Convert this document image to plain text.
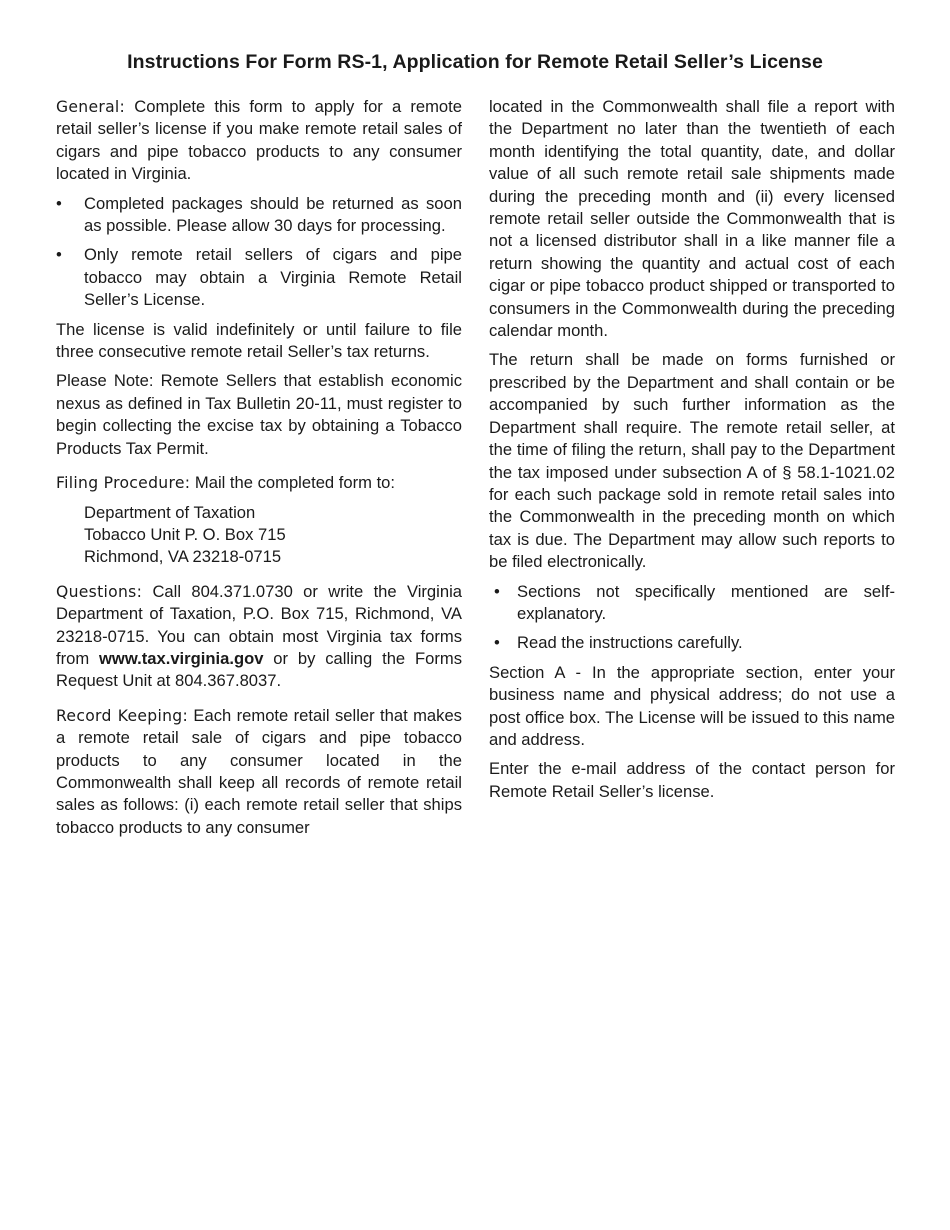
Instructions For Form RS-1, Application for Remote Retail Seller’s License

General: Complete this form to apply for a remote retail seller’s license if you make remote retail sales of cigars and pipe tobacco products to any consumer located in Virginia.

• Completed packages should be returned as soon as possible. Please allow 30 days for processing.
• Only remote retail sellers of cigars and pipe tobacco may obtain a Virginia Remote Retail Seller’s License.

The license is valid indefinitely or until failure to file three consecutive remote retail Seller’s tax returns.

Please Note: Remote Sellers that establish economic nexus as defined in Tax Bulletin 20-11, must register to begin collecting the excise tax by obtaining a Tobacco Products Tax Permit.

Filing Procedure: Mail the completed form to:

Department of Taxation
Tobacco Unit P. O. Box 715
Richmond, VA 23218-0715

Questions: Call 804.371.0730 or write the Virginia Department of Taxation, P.O. Box 715, Richmond, VA 23218-0715. You can obtain most Virginia tax forms from www.tax.virginia.gov or by calling the Forms Request Unit at 804.367.8037.

Record Keeping: Each remote retail seller that makes a remote retail sale of cigars and pipe tobacco products to any consumer located in the Commonwealth shall keep all records of remote retail sales as follows: (i) each remote retail seller that ships tobacco products to any consumer

located in the Commonwealth shall file a report with the Department no later than the twentieth of each month identifying the total quantity, date, and dollar value of all such remote retail sale shipments made during the preceding month and (ii) every licensed remote retail seller outside the Commonwealth that is not a licensed distributor shall in a like manner file a return showing the quantity and actual cost of each cigar or pipe tobacco product shipped or transported to consumers in the Commonwealth during the preceding calendar month.

The return shall be made on forms furnished or prescribed by the Department and shall contain or be accompanied by such further information as the Department shall require. The remote retail seller, at the time of filing the return, shall pay to the Department the tax imposed under subsection A of § 58.1-1021.02 for each such package sold in remote retail sales into the Commonwealth in the preceding month on which tax is due. The Department may allow such reports to be filed electronically.

• Sections not specifically mentioned are self-explanatory.
• Read the instructions carefully.

Section A - In the appropriate section, enter your business name and physical address; do not use a post office box. The License will be issued to this name and address.

Enter the e-mail address of the contact person for Remote Retail Seller’s license.
